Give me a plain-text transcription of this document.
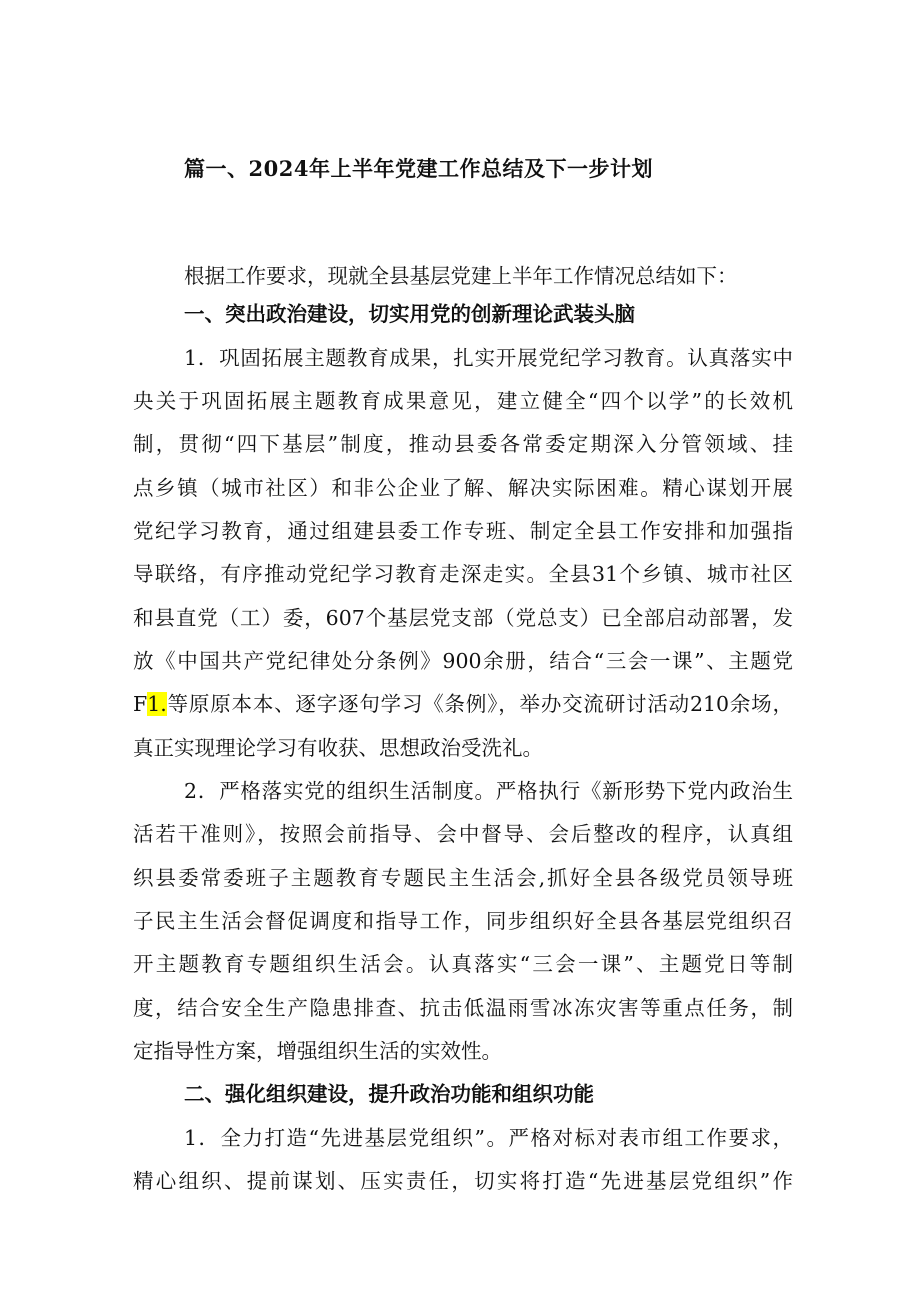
篇一、2024年上半年党建工作总结及下一步计划
根据工作要求，现就全县基层党建上半年工作情况总结如下：
一、突出政治建设，切实用党的创新理论武装头脑
1．巩固拓展主题教育成果，扎实开展党纪学习教育。认真落实中
央关于巩固拓展主题教育成果意见，建立健全“四个以学”的长效机
制，贯彻“四下基层”制度，推动县委各常委定期深入分管领域、挂
点乡镇（城市社区）和非公企业了解、解决实际困难。精心谋划开展
党纪学习教育，通过组建县委工作专班、制定全县工作安排和加强指
导联络，有序推动党纪学习教育走深走实。全县31个乡镇、城市社区
和县直党（工）委，607个基层党支部（党总支）已全部启动部署，发
放《中国共产党纪律处分条例》900余册，结合“三会一课”、主题党
F1.等原原本本、逐字逐句学习《条例》，举办交流研讨活动210余场，
真正实现理论学习有收获、思想政治受洗礼。
2．严格落实党的组织生活制度。严格执行《新形势下党内政治生
活若干准则》，按照会前指导、会中督导、会后整改的程序，认真组
织县委常委班子主题教育专题民主生活会,抓好全县各级党员领导班
子民主生活会督促调度和指导工作，同步组织好全县各基层党组织召
开主题教育专题组织生活会。认真落实“三会一课”、主题党日等制
度，结合安全生产隐患排查、抗击低温雨雪冰冻灾害等重点任务，制
定指导性方案，增强组织生活的实效性。
二、强化组织建设，提升政治功能和组织功能
1．全力打造“先进基层党组织”。严格对标对表市组工作要求，
精心组织、提前谋划、压实责任，切实将打造“先进基层党组织”作
